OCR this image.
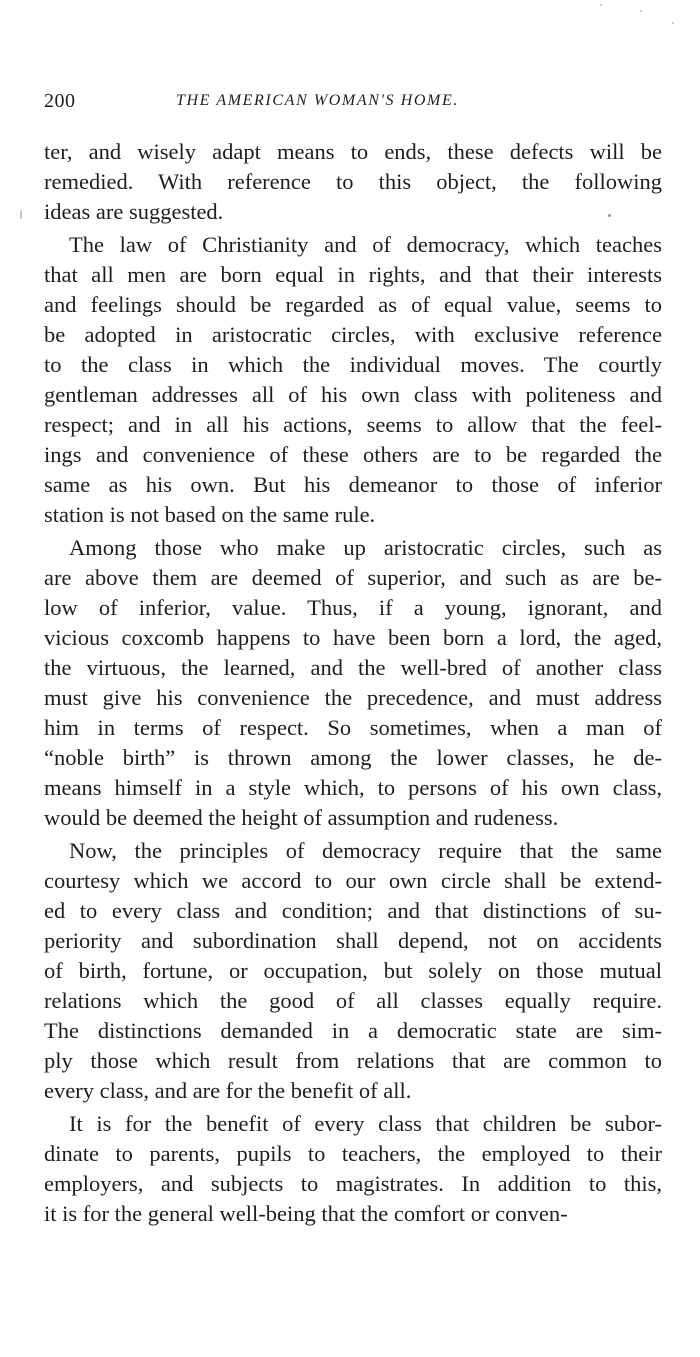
200	THE AMERICAN WOMAN'S HOME.
ter, and wisely adapt means to ends, these defects will be
remedied. With reference to this object, the following
ideas are suggested.
The law of Christianity and of democracy, which teaches
that all men are born equal in rights, and that their interests
and feelings should be regarded as of equal value, seems to
be adopted in aristocratic circles, with exclusive reference
to the class in which the individual moves. The courtly
gentleman addresses all of his own class with politeness and
respect; and in all his actions, seems to allow that the feel-
ings and convenience of these others are to be regarded the
same as his own. But his demeanor to those of inferior
station is not based on the same rule.
Among those who make up aristocratic circles, such as
are above them are deemed of superior, and such as are be-
low of inferior, value. Thus, if a young, ignorant, and
vicious coxcomb happens to have been born a lord, the aged,
the virtuous, the learned, and the well-bred of another class
must give his convenience the precedence, and must address
him in terms of respect. So sometimes, when a man of
“noble birth” is thrown among the lower classes, he de-
means himself in a style which, to persons of his own class,
would be deemed the height of assumption and rudeness.
Now, the principles of democracy require that the same
courtesy which we accord to our own circle shall be extend-
ed to every class and condition; and that distinctions of su-
periority and subordination shall depend, not on accidents
of birth, fortune, or occupation, but solely on those mutual
relations which the good of all classes equally require.
The distinctions demanded in a democratic state are sim-
ply those which result from relations that are common to
every class, and are for the benefit of all.
It is for the benefit of every class that children be subor-
dinate to parents, pupils to teachers, the employed to their
employers, and subjects to magistrates. In addition to this,
it is for the general well-being that the comfort or conven-
